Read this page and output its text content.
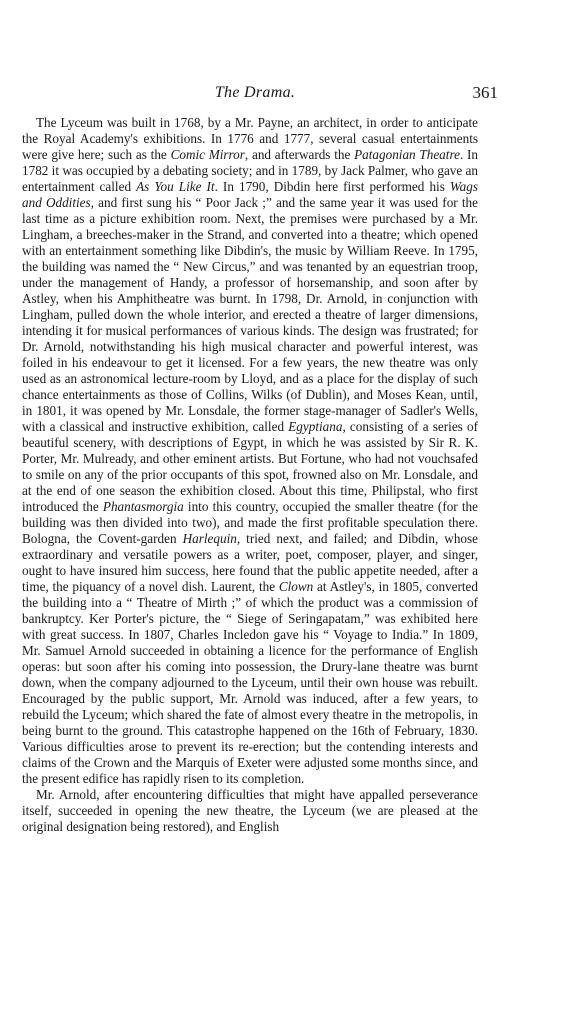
The Drama.	361

The Lyceum was built in 1768, by a Mr. Payne, an architect, in order to anticipate the Royal Academy's exhibitions. In 1776 and 1777, several casual entertainments were give here; such as the Comic Mirror, and afterwards the Patagonian Theatre. In 1782 it was occupied by a debating society; and in 1789, by Jack Palmer, who gave an entertainment called As You Like It. In 1790, Dibdin here first performed his Wags and Oddities, and first sung his “ Poor Jack ;” and the same year it was used for the last time as a picture exhibition room. Next, the premises were purchased by a Mr. Lingham, a breeches-maker in the Strand, and converted into a theatre; which opened with an entertainment something like Dibdin's, the music by William Reeve. In 1795, the building was named the “ New Circus,” and was tenanted by an equestrian troop, under the management of Handy, a professor of horsemanship, and soon after by Astley, when his Amphitheatre was burnt. In 1798, Dr. Arnold, in conjunction with Lingham, pulled down the whole interior, and erected a theatre of larger dimensions, intending it for musical performances of various kinds. The design was frustrated; for Dr. Arnold, notwithstanding his high musical character and powerful interest, was foiled in his endeavour to get it licensed. For a few years, the new theatre was only used as an astronomical lecture-room by Lloyd, and as a place for the display of such chance entertainments as those of Collins, Wilks (of Dublin), and Moses Kean, until, in 1801, it was opened by Mr. Lonsdale, the former stage-manager of Sadler's Wells, with a classical and instructive exhibition, called Egyptiana, consisting of a series of beautiful scenery, with descriptions of Egypt, in which he was assisted by Sir R. K. Porter, Mr. Mulready, and other eminent artists. But Fortune, who had not vouchsafed to smile on any of the prior occupants of this spot, frowned also on Mr. Lonsdale, and at the end of one season the exhibition closed. About this time, Philipstal, who first introduced the Phantasmorgia into this country, occupied the smaller theatre (for the building was then divided into two), and made the first profitable speculation there. Bologna, the Covent-garden Harlequin, tried next, and failed; and Dibdin, whose extraordinary and versatile powers as a writer, poet, composer, player, and singer, ought to have insured him success, here found that the public appetite needed, after a time, the piquancy of a novel dish. Laurent, the Clown at Astley's, in 1805, converted the building into a “ Theatre of Mirth ;” of which the product was a commission of bankruptcy. Ker Porter's picture, the “ Siege of Seringapatam,” was exhibited here with great success. In 1807, Charles Incledon gave his “ Voyage to India.” In 1809, Mr. Samuel Arnold succeeded in obtaining a licence for the performance of English operas: but soon after his coming into possession, the Drury-lane theatre was burnt down, when the company adjourned to the Lyceum, until their own house was rebuilt. Encouraged by the public support, Mr. Arnold was induced, after a few years, to rebuild the Lyceum; which shared the fate of almost every theatre in the metropolis, in being burnt to the ground. This catastrophe happened on the 16th of February, 1830. Various difficulties arose to prevent its re-erection; but the contending interests and claims of the Crown and the Marquis of Exeter were adjusted some months since, and the present edifice has rapidly risen to its completion.

Mr. Arnold, after encountering difficulties that might have appalled perseverance itself, succeeded in opening the new theatre, the Lyceum (we are pleased at the original designation being restored), and English
